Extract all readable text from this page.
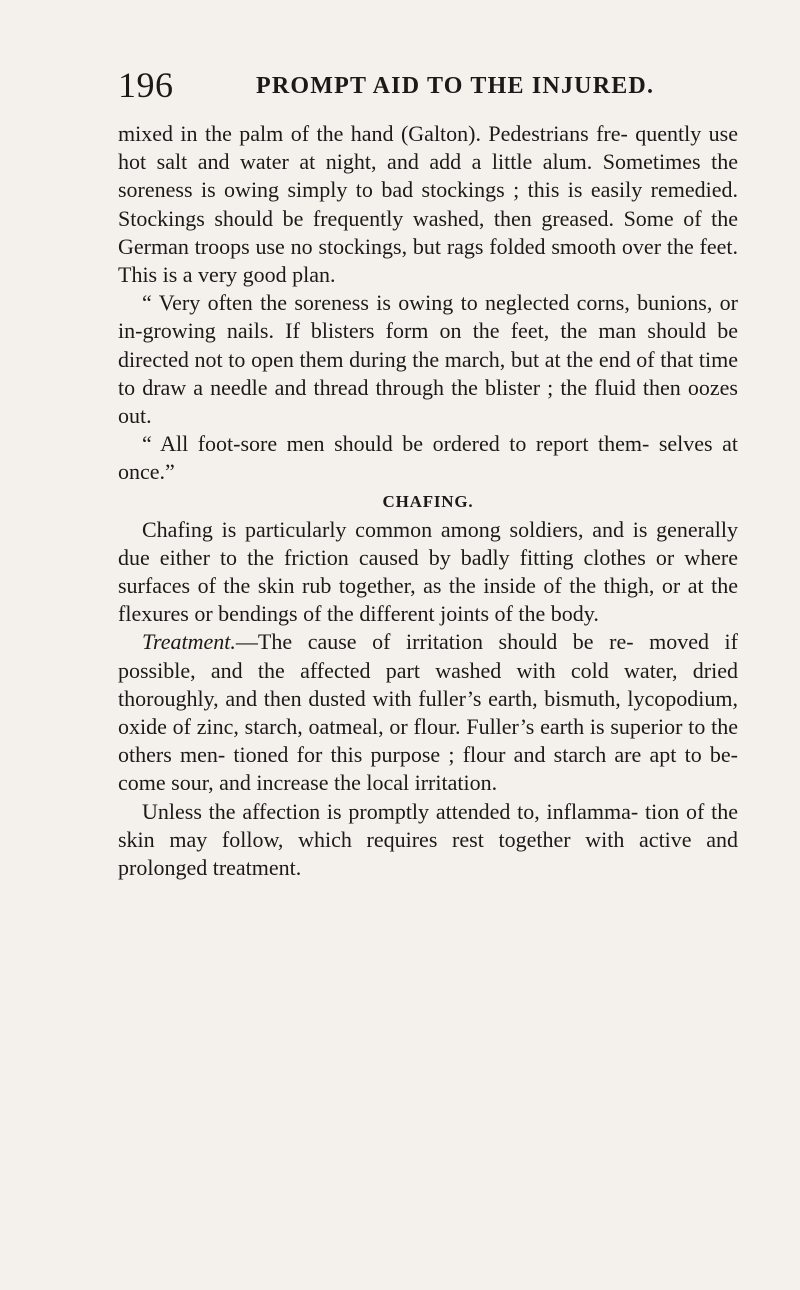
196	PROMPT AID TO THE INJURED.

mixed in the palm of the hand (Galton). Pedestrians fre- quently use hot salt and water at night, and add a little alum. Sometimes the soreness is owing simply to bad stockings ; this is easily remedied. Stockings should be frequently washed, then greased. Some of the German troops use no stockings, but rags folded smooth over the feet. This is a very good plan.

“ Very often the soreness is owing to neglected corns, bunions, or in-growing nails. If blisters form on the feet, the man should be directed not to open them during the march, but at the end of that time to draw a needle and thread through the blister ; the fluid then oozes out.

“ All foot-sore men should be ordered to report them- selves at once.”

CHAFING.

Chafing is particularly common among soldiers, and is generally due either to the friction caused by badly fitting clothes or where surfaces of the skin rub together, as the inside of the thigh, or at the flexures or bendings of the different joints of the body.

Treatment.—The cause of irritation should be re- moved if possible, and the affected part washed with cold water, dried thoroughly, and then dusted with fuller’s earth, bismuth, lycopodium, oxide of zinc, starch, oatmeal, or flour. Fuller’s earth is superior to the others men- tioned for this purpose ; flour and starch are apt to be- come sour, and increase the local irritation.

Unless the affection is promptly attended to, inflamma- tion of the skin may follow, which requires rest together with active and prolonged treatment.
